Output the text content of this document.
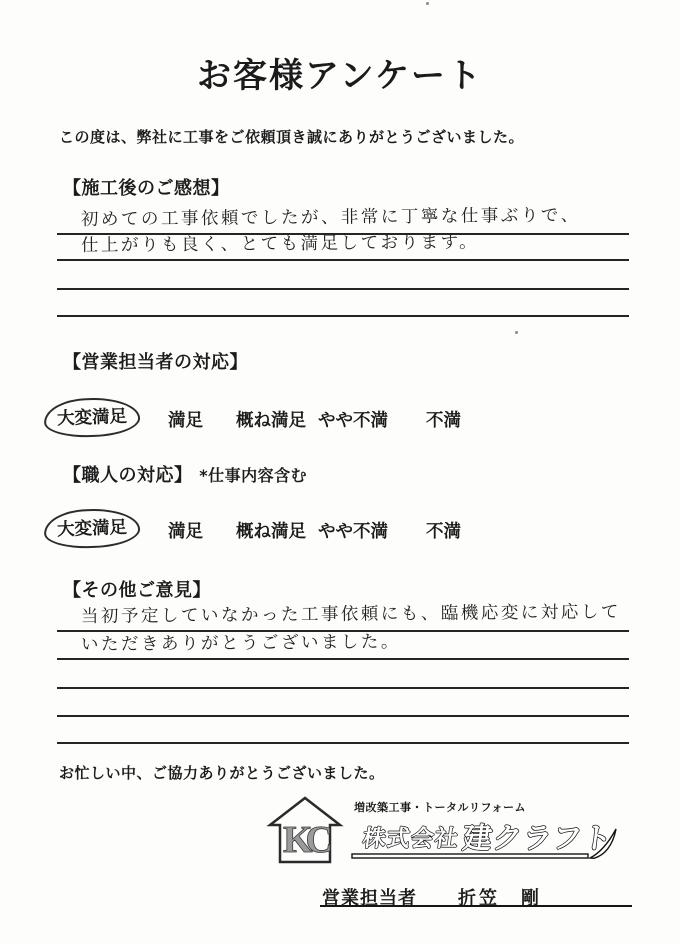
お客様アンケート
この度は、弊社に工事をご依頼頂き誠にありがとうございました。
【施工後のご感想】
初めての工事依頼でしたが、非常に丁寧な仕事ぶりで、
仕上がりも良く、とても満足しております。
【営業担当者の対応】
大変満足	満足 概ね満足 やや不満 不満
【職人の対応】 *仕事内容含む
大変満足	満足 概ね満足 やや不満 不満
【その他ご意見】
当初予定していなかった工事依頼にも、臨機応変に対応して
いただきありがとうございました。
お忙しい中、ご協力ありがとうございました。
KC
増改築工事・トータルリフォーム
株式会社 建クラフト
営業担当者 折笠　剛
